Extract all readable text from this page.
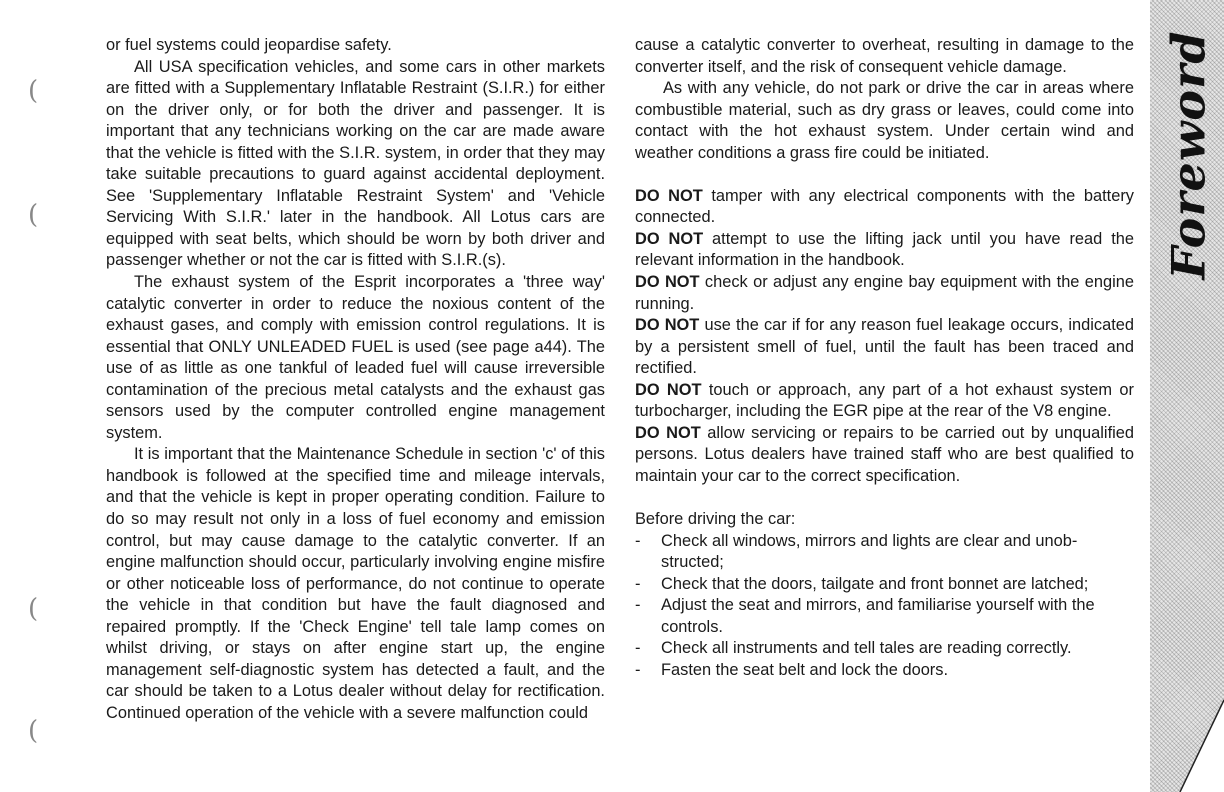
(
(
(
(

or fuel systems could jeopardise safety.

All USA specification vehicles, and some cars in other markets are fitted with a Supplementary Inflatable Restraint (S.I.R.) for either on the driver only, or for both the driver and passenger. It is important that any technicians working on the car are made aware that the vehicle is fitted with the S.I.R. system, in order that they may take suitable precautions to guard against accidental deployment. See 'Supplementary Inflatable Restraint System' and 'Vehicle Servicing With S.I.R.' later in the handbook. All Lotus cars are equipped with seat belts, which should be worn by both driver and passenger whether or not the car is fitted with S.I.R.(s).

The exhaust system of the Esprit incorporates a 'three way' catalytic converter in order to reduce the noxious content of the exhaust gases, and comply with emission control regulations. It is essential that ONLY UNLEADED FUEL is used (see page a44). The use of as little as one tankful of leaded fuel will cause irreversible contamination of the precious metal catalysts and the exhaust gas sensors used by the computer controlled engine management system.

It is important that the Maintenance Schedule in section 'c' of this handbook is followed at the specified time and mileage intervals, and that the vehicle is kept in proper operating condition. Failure to do so may result not only in a loss of fuel economy and emission control, but may cause damage to the catalytic converter. If an engine malfunction should occur, particularly involving engine misfire or other noticeable loss of performance, do not continue to operate the vehicle in that condition but have the fault diagnosed and repaired promptly. If the 'Check Engine' tell tale lamp comes on whilst driving, or stays on after engine start up, the engine management self-diagnostic system has detected a fault, and the car should be taken to a Lotus dealer without delay for rectification. Continued operation of the vehicle with a severe malfunction could

cause a catalytic converter to overheat, resulting in damage to the converter itself, and the risk of consequent vehicle damage.

As with any vehicle, do not park or drive the car in areas where combustible material, such as dry grass or leaves, could come into contact with the hot exhaust system. Under certain wind and weather conditions a grass fire could be initiated.

DO NOT tamper with any electrical components with the battery connected.

DO NOT attempt to use the lifting jack until you have read the relevant information in the handbook.

DO NOT check or adjust any engine bay equipment with the engine running.

DO NOT use the car if for any reason fuel leakage occurs, indicated by a persistent smell of fuel, until the fault has been traced and rectified.

DO NOT touch or approach, any part of a hot exhaust system or turbocharger, including the EGR pipe at the rear of the V8 engine.

DO NOT allow servicing or repairs to be carried out by unqualified persons. Lotus dealers have trained staff who are best qualified to maintain your car to the correct specification.

Before driving the car:

- Check all windows, mirrors and lights are clear and unobstructed;
- Check that the doors, tailgate and front bonnet are latched;
- Adjust the seat and mirrors, and familiarise yourself with the controls.
- Check all instruments and tell tales are reading correctly.
- Fasten the seat belt and lock the doors.
Foreword
